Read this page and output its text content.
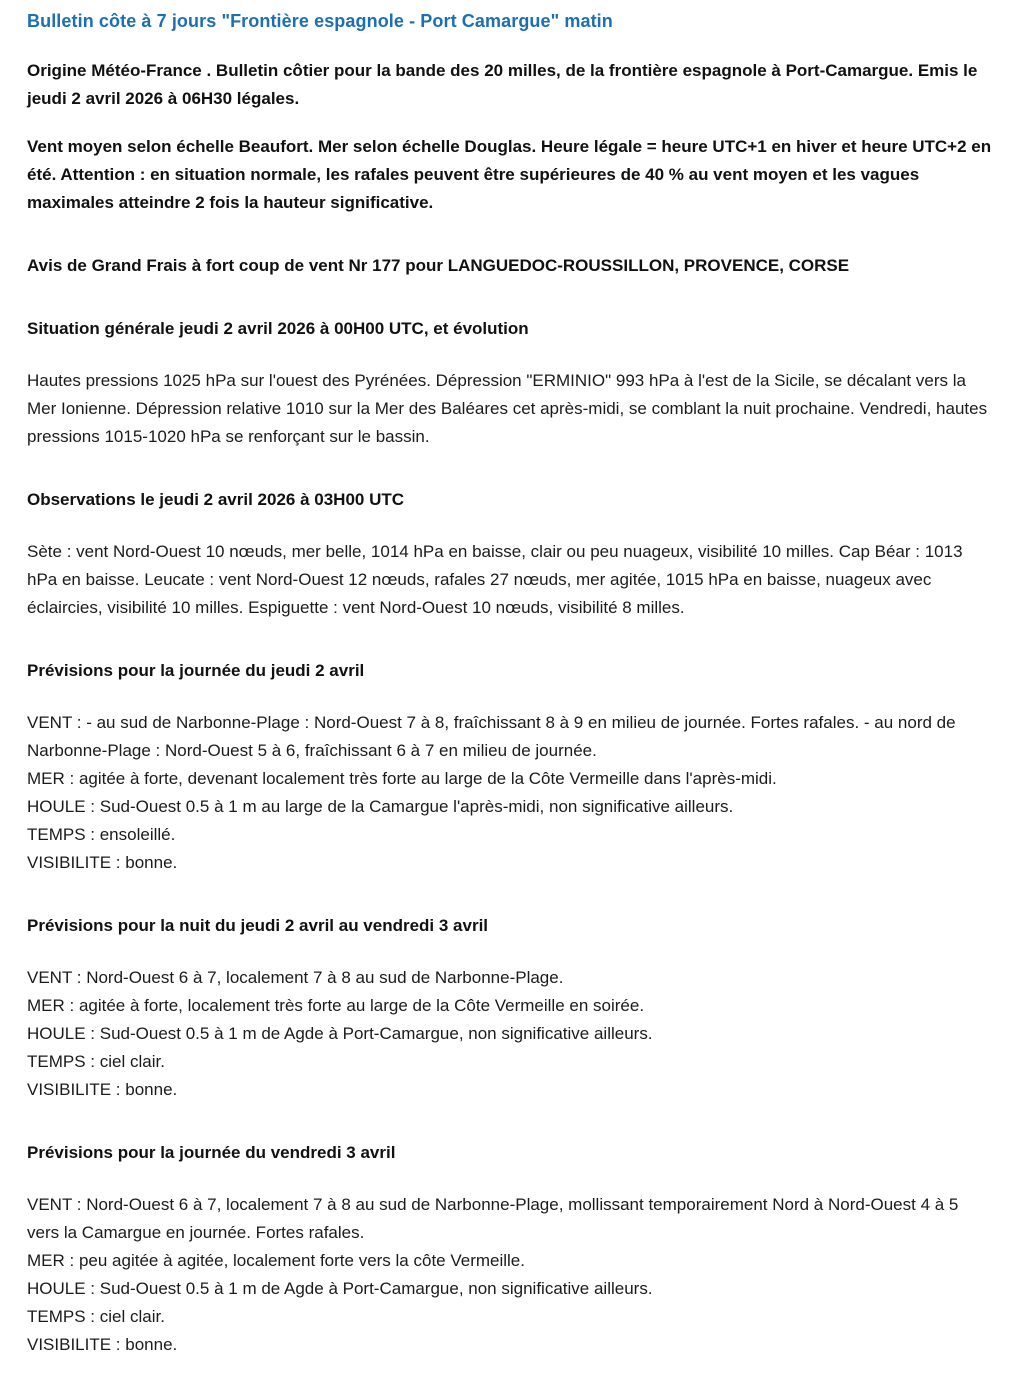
Bulletin côte à 7 jours "Frontière espagnole - Port Camargue" matin

Origine Météo-France . Bulletin côtier pour la bande des 20 milles, de la frontière espagnole à Port-Camargue. Emis le jeudi 2 avril 2026 à 06H30 légales.

Vent moyen selon échelle Beaufort. Mer selon échelle Douglas. Heure légale = heure UTC+1 en hiver et heure UTC+2 en été. Attention : en situation normale, les rafales peuvent être supérieures de 40 % au vent moyen et les vagues maximales atteindre 2 fois la hauteur significative.

Avis de Grand Frais à fort coup de vent Nr 177 pour LANGUEDOC-ROUSSILLON, PROVENCE, CORSE
Situation générale jeudi 2 avril 2026 à 00H00 UTC, et évolution

Hautes pressions 1025 hPa sur l'ouest des Pyrénées. Dépression "ERMINIO" 993 hPa à l'est de la Sicile, se décalant vers la Mer Ionienne. Dépression relative 1010 sur la Mer des Baléares cet après-midi, se comblant la nuit prochaine. Vendredi, hautes pressions 1015-1020 hPa se renforçant sur le bassin.

Observations le jeudi 2 avril 2026 à 03H00 UTC

Sète : vent Nord-Ouest 10 nœuds, mer belle, 1014 hPa en baisse, clair ou peu nuageux, visibilité 10 milles. Cap Béar : 1013 hPa en baisse. Leucate : vent Nord-Ouest 12 nœuds, rafales 27 nœuds, mer agitée, 1015 hPa en baisse, nuageux avec éclaircies, visibilité 10 milles. Espiguette : vent Nord-Ouest 10 nœuds, visibilité 8 milles.

Prévisions pour la journée du jeudi 2 avril
VENT : - au sud de Narbonne-Plage : Nord-Ouest 7 à 8, fraîchissant 8 à 9 en milieu de journée. Fortes rafales. - au nord de Narbonne-Plage : Nord-Ouest 5 à 6, fraîchissant 6 à 7 en milieu de journée.
MER : agitée à forte, devenant localement très forte au large de la Côte Vermeille dans l'après-midi.
HOULE : Sud-Ouest 0.5 à 1 m au large de la Camargue l'après-midi, non significative ailleurs.
TEMPS : ensoleillé.
VISIBILITE : bonne.
Prévisions pour la nuit du jeudi 2 avril au vendredi 3 avril
VENT : Nord-Ouest 6 à 7, localement 7 à 8 au sud de Narbonne-Plage.
MER : agitée à forte, localement très forte au large de la Côte Vermeille en soirée.
HOULE : Sud-Ouest 0.5 à 1 m de Agde à Port-Camargue, non significative ailleurs.
TEMPS : ciel clair.
VISIBILITE : bonne.
Prévisions pour la journée du vendredi 3 avril
VENT : Nord-Ouest 6 à 7, localement 7 à 8 au sud de Narbonne-Plage, mollissant temporairement Nord à Nord-Ouest 4 à 5 vers la Camargue en journée. Fortes rafales.
MER : peu agitée à agitée, localement forte vers la côte Vermeille.
HOULE : Sud-Ouest 0.5 à 1 m de Agde à Port-Camargue, non significative ailleurs.
TEMPS : ciel clair.
VISIBILITE : bonne.
